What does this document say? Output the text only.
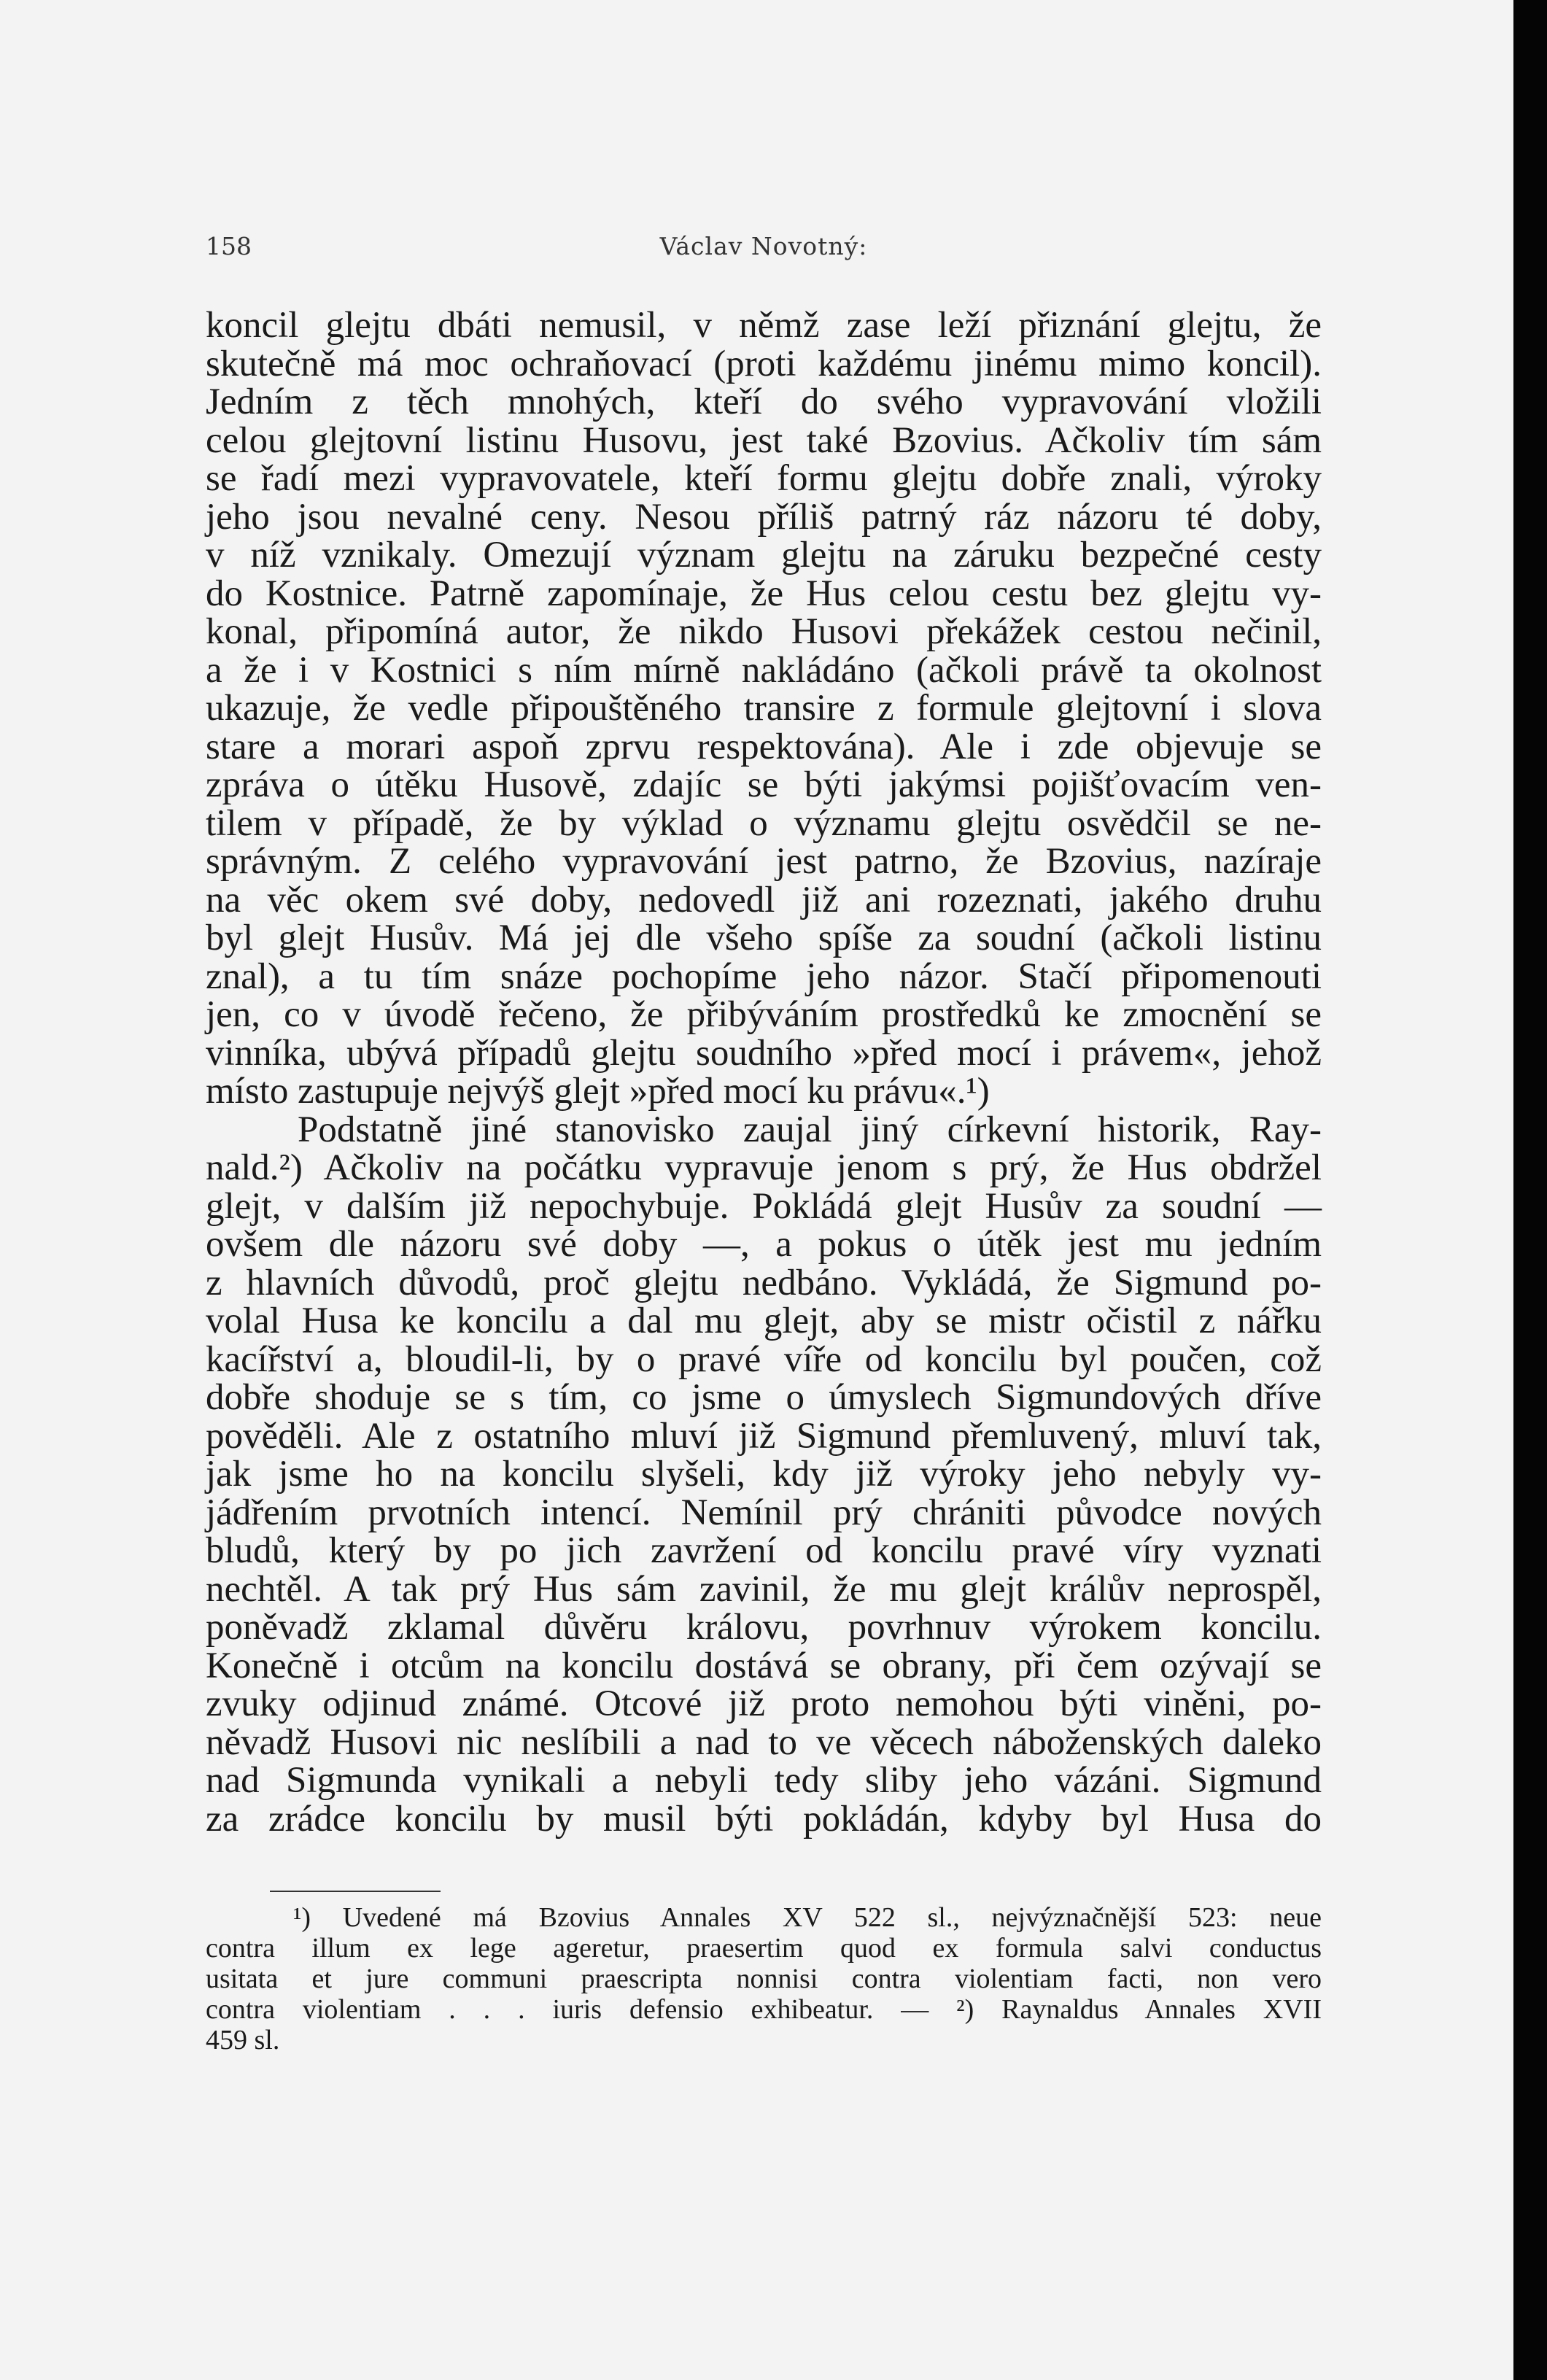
158	Václav Novotný:
koncil glejtu dbáti nemusil, v němž zase leží přiznání glejtu, že
skutečně má moc ochraňovací (proti každému jinému mimo koncil).
Jedním z těch mnohých, kteří do svého vypravování vložili
celou glejtovní listinu Husovu, jest také Bzovius. Ačkoliv tím sám
se řadí mezi vypravovatele, kteří formu glejtu dobře znali, výroky
jeho jsou nevalné ceny. Nesou příliš patrný ráz názoru té doby,
v níž vznikaly. Omezují význam glejtu na záruku bezpečné cesty
do Kostnice. Patrně zapomínaje, že Hus celou cestu bez glejtu vy-
konal, připomíná autor, že nikdo Husovi překážek cestou nečinil,
a že i v Kostnici s ním mírně nakládáno (ačkoli právě ta okolnost
ukazuje, že vedle připouštěného transire z formule glejtovní i slova
stare a morari aspoň zprvu respektována). Ale i zde objevuje se
zpráva o útěku Husově, zdajíc se býti jakýmsi pojišťovacím ven-
tilem v případě, že by výklad o významu glejtu osvědčil se ne-
správným. Z celého vypravování jest patrno, že Bzovius, nazíraje
na věc okem své doby, nedovedl již ani rozeznati, jakého druhu
byl glejt Husův. Má jej dle všeho spíše za soudní (ačkoli listinu
znal), a tu tím snáze pochopíme jeho názor. Stačí připomenouti
jen, co v úvodě řečeno, že přibýváním prostředků ke zmocnění se
vinníka, ubývá případů glejtu soudního »před mocí i právem«, jehož
místo zastupuje nejvýš glejt »před mocí ku právu«.¹)
Podstatně jiné stanovisko zaujal jiný církevní historik, Ray-
nald.²) Ačkoliv na počátku vypravuje jenom s prý, že Hus obdržel
glejt, v dalším již nepochybuje. Pokládá glejt Husův za soudní —
ovšem dle názoru své doby —, a pokus o útěk jest mu jedním
z hlavních důvodů, proč glejtu nedbáno. Vykládá, že Sigmund po-
volal Husa ke koncilu a dal mu glejt, aby se mistr očistil z nářku
kacířství a, bloudil-li, by o pravé víře od koncilu byl poučen, což
dobře shoduje se s tím, co jsme o úmyslech Sigmundových dříve
pověděli. Ale z ostatního mluví již Sigmund přemluvený, mluví tak,
jak jsme ho na koncilu slyšeli, kdy již výroky jeho nebyly vy-
jádřením prvotních intencí. Nemínil prý chrániti původce nových
bludů, který by po jich zavržení od koncilu pravé víry vyznati
nechtěl. A tak prý Hus sám zavinil, že mu glejt králův neprospěl,
poněvadž zklamal důvěru královu, povrhnuv výrokem koncilu.
Konečně i otcům na koncilu dostává se obrany, při čem ozývají se
zvuky odjinud známé. Otcové již proto nemohou býti viněni, po-
něvadž Husovi nic neslíbili a nad to ve věcech náboženských daleko
nad Sigmunda vynikali a nebyli tedy sliby jeho vázáni. Sigmund
za zrádce koncilu by musil býti pokládán, kdyby byl Husa do
¹) Uvedené má Bzovius Annales XV 522 sl., nejvýznačnější 523: neue
contra illum ex lege ageretur, praesertim quod ex formula salvi conductus
usitata et jure communi praescripta nonnisi contra violentiam facti, non vero
contra violentiam . . . iuris defensio exhibeatur. — ²) Raynaldus Annales XVII
459 sl.
